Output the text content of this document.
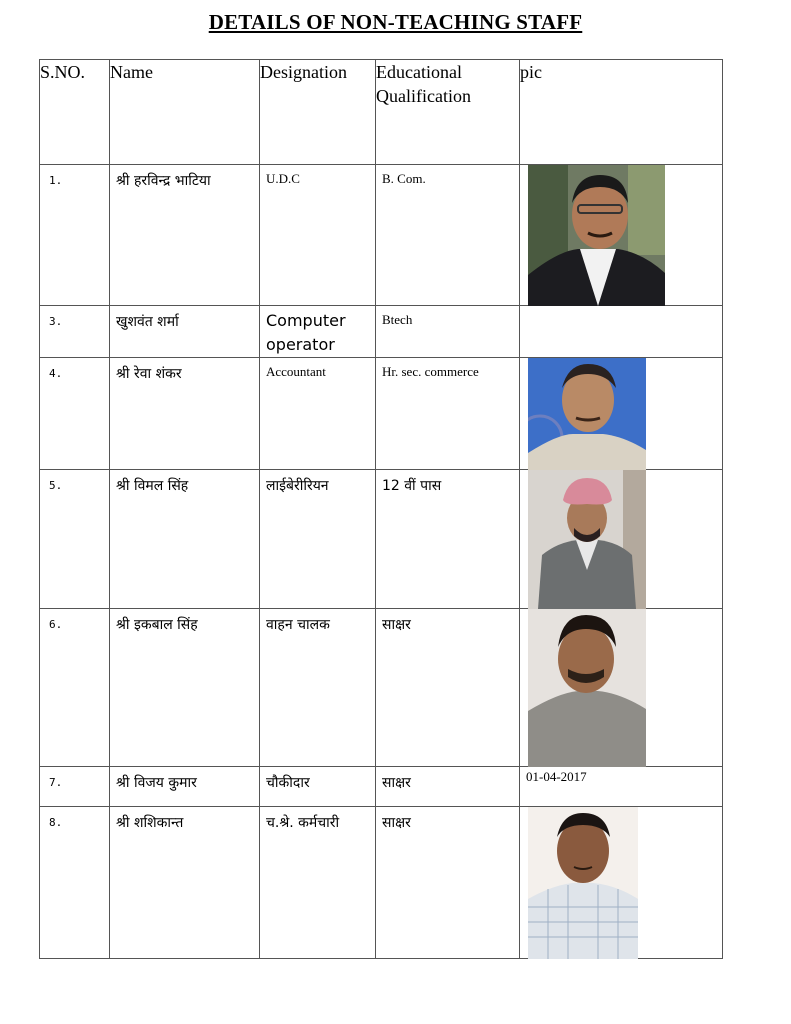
DETAILS OF NON-TEACHING STAFF
S.NO.	Name	Designation	Educational Qualification	pic
1.	श्री हरविन्द्र भाटिया	U.D.C	B. Com.	

3.	खुशवंत शर्मा	Computer operator	Btech	
4.	श्री रेवा शंकर	Accountant	Hr. sec. commerce	

5.	श्री विमल सिंह	लाईबेरीरियन	12 वीं पास	

6.	श्री इकबाल सिंह	वाहन चालक	साक्षर	

7.	श्री विजय कुमार	चौकीदार	साक्षर	01-04-2017

8.	श्री शशिकान्त	च.श्रे. कर्मचारी	साक्षर	
